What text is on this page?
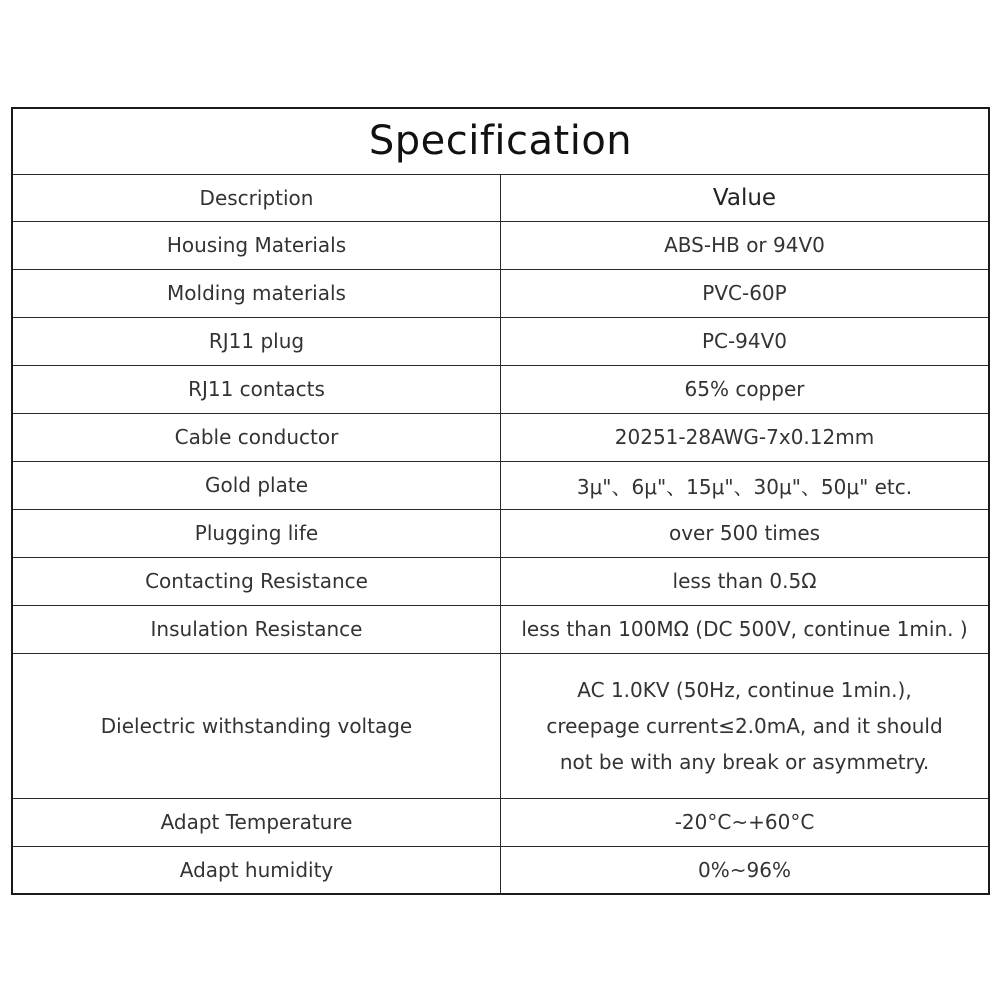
Specification	
Description	Value
Housing Materials	ABS-HB or 94V0
Molding materials	PVC-60P
RJ11 plug	PC-94V0
RJ11 contacts	65% copper
Cable conductor	20251-28AWG-7x0.12mm
Gold plate	3μ"、6μ"、15μ"、30μ"、50μ" etc.
Plugging life	over 500 times
Contacting Resistance	less than 0.5Ω
Insulation Resistance	less than 100MΩ (DC 500V, continue 1min. )
Dielectric withstanding voltage	AC 1.0KV (50Hz, continue 1min.),
creepage current≤2.0mA, and it should
not be with any break or asymmetry.

Adapt Temperature	-20°C~+60°C
Adapt humidity	0%~96%
